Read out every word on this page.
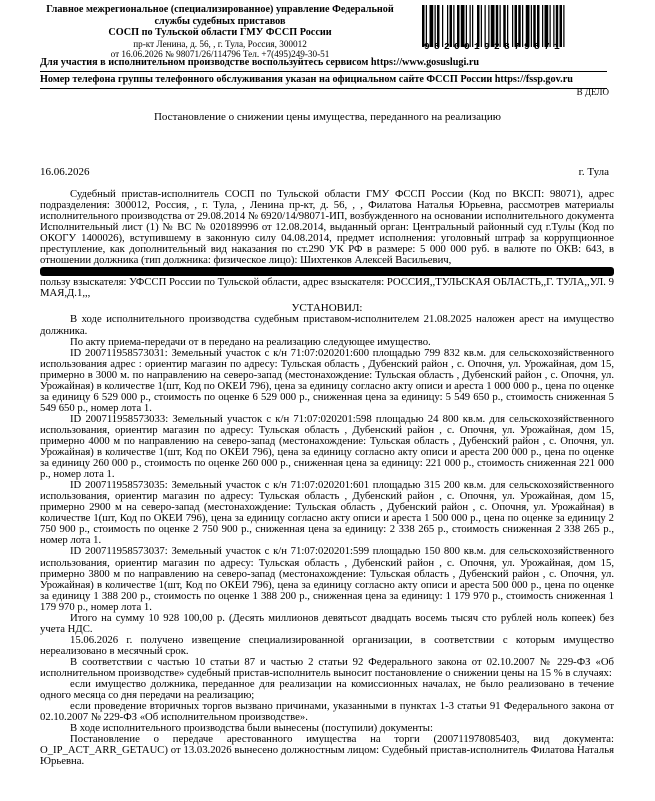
Главное межрегиональное (специализированное) управление Федеральной
службы судебных приставов
СОСП по Тульской области ГМУ ФССП России
пр-кт Ленина, д. 56, , г. Тула, Россия, 300012
от 16.06.2026 № 98071/26/114796 Тел. +7(495)249-30-51
98200192879871
Для участия в исполнительном производстве воспользуйтесь сервисом https://www.gosuslugi.ru
Номер телефона группы телефонного обслуживания указан на официальном сайте ФССП России https://fssp.gov.ru
В ДЕЛО
Постановление о снижении цены имущества, переданного на реализацию
16.06.2026	г. Тула

Судебный пристав-исполнитель СОСП по Тульской области ГМУ ФССП России (Код по ВКСП: 98071), адрес подразделения: 300012, Россия, , г. Тула, , Ленина пр-кт, д. 56, , , Филатова Наталья Юрьевна, рассмотрев материалы исполнительного производства от 29.08.2014 № 6920/14/98071-ИП, возбужденного на основании исполнительного документа Исполнительный лист (1) № ВС № 020189996 от 12.08.2014, выданный орган: Центральный районный суд г.Тулы (Код по ОКОГУ 1400026), вступившему в законную силу 04.08.2014, предмет исполнения: уголовный штраф за коррупционное преступление, как дополнительный вид наказания по ст.290 УК РФ в размере: 5 000 000 руб. в валюте по ОКВ: 643, в отношении должника (тип должника: физическое лицо): Шихтенков Алексей Васильевич,

пользу взыскателя: УФССП России по Тульской области, адрес взыскателя: РОССИЯ,,ТУЛЬСКАЯ ОБЛАСТЬ,,Г. ТУЛА,,УЛ. 9 МАЯ,Д.1,,,

УСТАНОВИЛ:

В ходе исполнительного производства судебным приставом-исполнителем 21.08.2025 наложен арест на имущество должника.

По акту приема-передачи от в передано на реализацию следующее имущество.

ID 200711958573031: Земельный участок с к/н 71:07:020201:600 площадью 799 832 кв.м. для сельскохозяйственного использования адрес : ориентир магазин по адресу: Тульская область , Дубенский район , с. Опочня, ул. Урожайная, дом 15, примерно в 3000 м. по направлению на северо-запад (местонахождение: Тульская область , Дубенский район , с. Опочня, ул. Урожайная) в количестве 1(шт, Код по ОКЕИ 796), цена за единицу согласно акту описи и ареста 1 000 000 р., цена по оценке за единицу 6 529 000 р., стоимость по оценке 6 529 000 р., сниженная цена за единицу: 5 549 650 р., стоимость сниженная 5 549 650 р., номер лота 1.

ID 200711958573033: Земельный участок с к/н 71:07:020201:598 площадью 24 800 кв.м. для сельскохозяйственного использования, ориентир магазин по адресу: Тульская область , Дубенский район , с. Опочня, ул. Урожайная, дом 15, примерно 4000 м по направлению на северо-запад (местонахождение: Тульская область , Дубенский район , с. Опочня, ул. Урожайная) в количестве 1(шт, Код по ОКЕИ 796), цена за единицу согласно акту описи и ареста 200 000 р., цена по оценке за единицу 260 000 р., стоимость по оценке 260 000 р., сниженная цена за единицу: 221 000 р., стоимость сниженная 221 000 р., номер лота 1.

ID 200711958573035: Земельный участок с к/н 71:07:020201:601 площадью 315 200 кв.м. для сельскохозяйственного использования, ориентир магазин по адресу: Тульская область , Дубенский район , с. Опочня, ул. Урожайная, дом 15, примерно 2900 м на северо-запад (местонахождение: Тульская область , Дубенский район , с. Опочня, ул. Урожайная) в количестве 1(шт, Код по ОКЕИ 796), цена за единицу согласно акту описи и ареста 1 500 000 р., цена по оценке за единицу 2 750 900 р., стоимость по оценке 2 750 900 р., сниженная цена за единицу: 2 338 265 р., стоимость сниженная 2 338 265 р., номер лота 1.

ID 200711958573037: Земельный участок с к/н 71:07:020201:599 площадью 150 800 кв.м. для сельскохозяйственного использования, ориентир магазин по адресу: Тульская область , Дубенский район , с. Опочня, ул. Урожайная, дом 15, примерно 3800 м по направлению на северо-запад (местонахождение: Тульская область , Дубенский район , с. Опочня, ул. Урожайная) в количестве 1(шт, Код по ОКЕИ 796), цена за единицу согласно акту описи и ареста 500 000 р., цена по оценке за единицу 1 388 200 р., стоимость по оценке 1 388 200 р., сниженная цена за единицу: 1 179 970 р., стоимость сниженная 1 179 970 р., номер лота 1.

Итого на сумму 10 928 100,00 р. (Десять миллионов девятьсот двадцать восемь тысяч сто рублей ноль копеек) без учета НДС.

15.06.2026 г. получено извещение специализированной организации, в соответствии с которым имущество нереализовано в месячный срок.

В соответствии с частью 10 статьи 87 и частью 2 статьи 92 Федерального закона от 02.10.2007 № 229-ФЗ «Об исполнительном производстве» судебный пристав-исполнитель выносит постановление о снижении цены на 15 % в случаях:

если имущество должника, переданное для реализации на комиссионных началах, не было реализовано в течение одного месяца со дня передачи на реализацию;

если проведение вторичных торгов вызвано причинами, указанными в пунктах 1-3 статьи 91 Федерального закона от 02.10.2007 № 229-ФЗ «Об исполнительном производстве».

В ходе исполнительного производства были вынесены (поступили) документы:

Постановление о передаче арестованного имущества на торги (200711978085403, вид документа: O_IP_ACT_ARR_GETAUC) от 13.03.2026 вынесено должностным лицом: Судебный пристав-исполнитель Филатова Наталья Юрьевна.
